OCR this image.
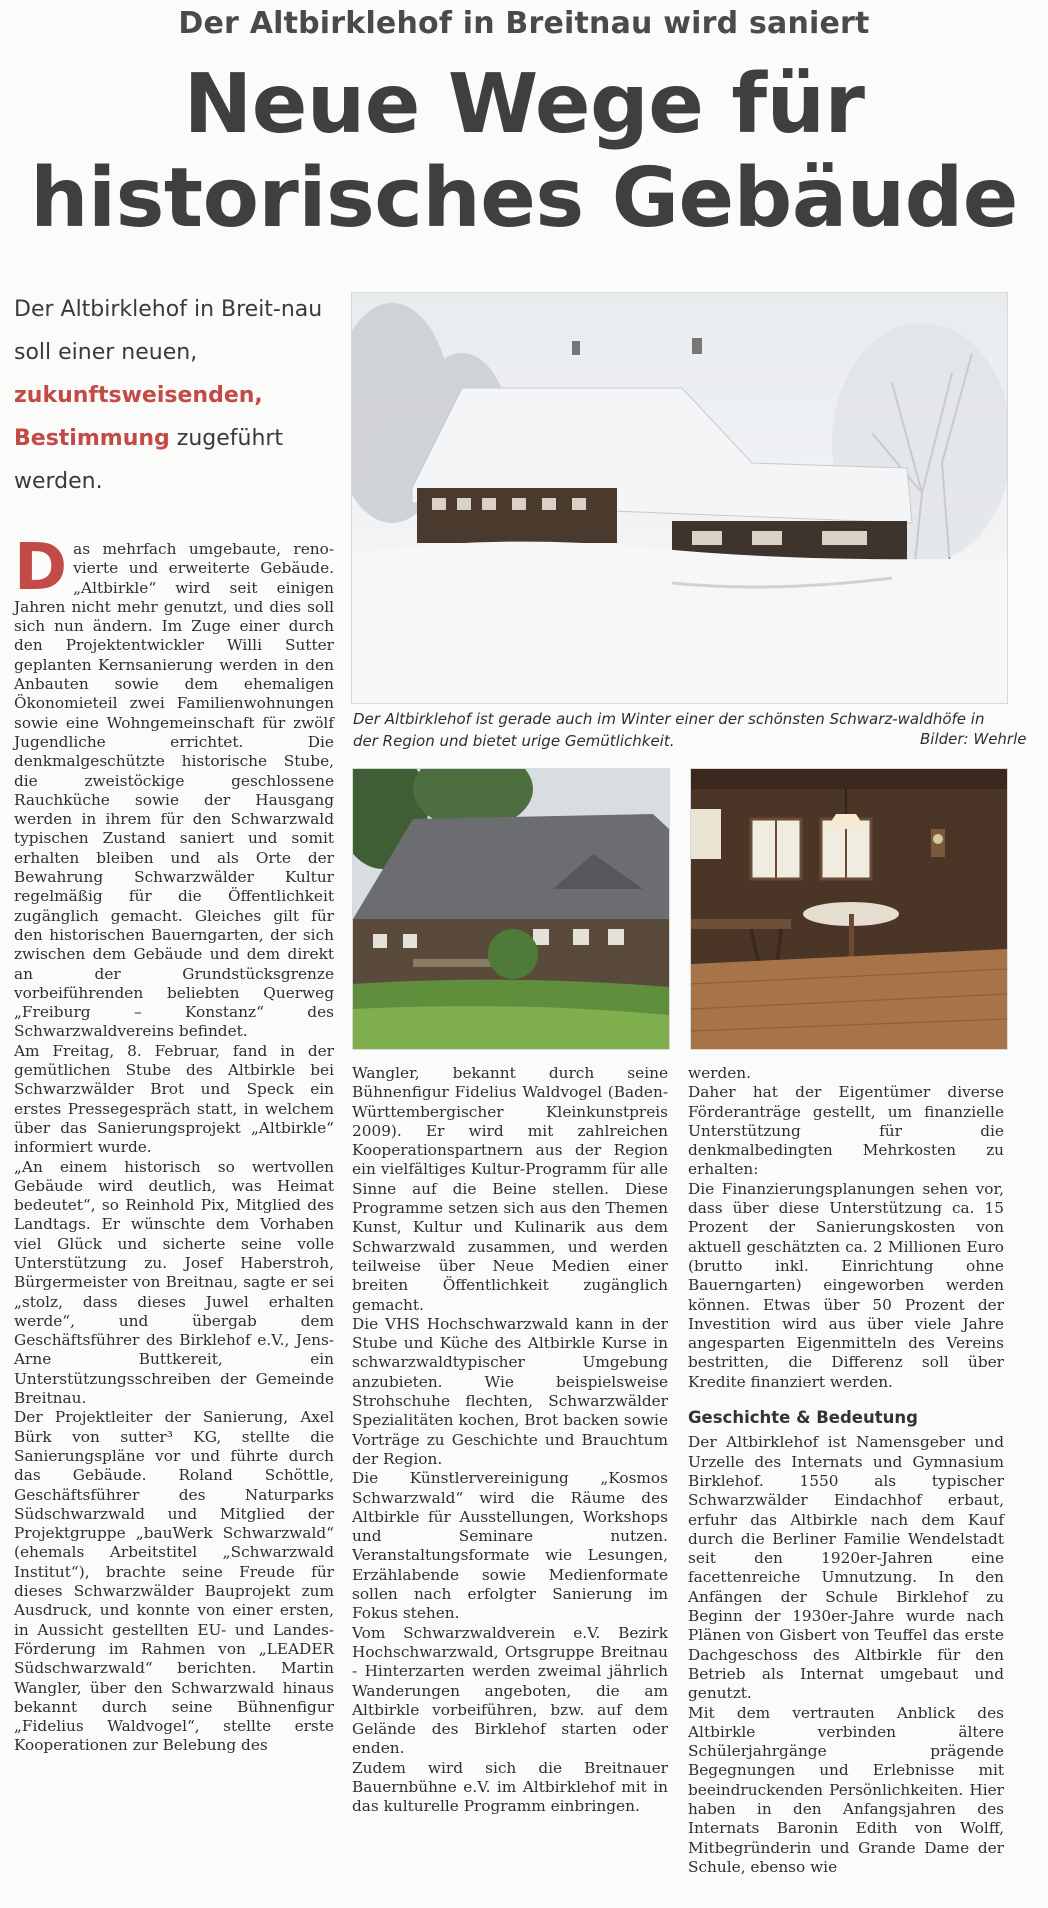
Der Altbirklehof in Breitnau wird saniert
Neue Wege für
historisches Gebäude
Der Altbirklehof in Breit-nau soll einer neuen,
zukunftsweisenden,
Bestimmung zugeführt werden.
Der Altbirklehof ist gerade auch im Winter einer der schönsten Schwarz-waldhöfe in der Region und bietet urige Gemütlichkeit.	Bilder: Wehrle

Das mehrfach umgebaute, reno-vierte und erweiterte Gebäude. „Altbirkle“ wird seit einigen Jahren nicht mehr genutzt, und dies soll sich nun ändern. Im Zuge einer durch den Projektentwickler Willi Sutter geplanten Kernsanierung werden in den Anbauten sowie dem ehemaligen Ökonomieteil zwei Familienwohnungen sowie eine Wohngemeinschaft für zwölf Jugendliche errichtet. Die denkmalgeschützte historische Stube, die zweistöckige geschlossene Rauchküche sowie der Hausgang werden in ihrem für den Schwarzwald typischen Zustand saniert und somit erhalten bleiben und als Orte der Bewahrung Schwarzwälder Kultur regelmäßig für die Öffentlichkeit zugänglich gemacht. Gleiches gilt für den historischen Bauerngarten, der sich zwischen dem Gebäude und dem direkt an der Grundstücksgrenze vorbeiführenden beliebten Querweg „Freiburg – Konstanz“ des Schwarzwaldvereins befindet.

Am Freitag, 8. Februar, fand in der gemütlichen Stube des Altbirkle bei Schwarzwälder Brot und Speck ein erstes Pressegespräch statt, in welchem über das Sanierungsprojekt „Altbirkle“ informiert wurde.

„An einem historisch so wertvollen Gebäude wird deutlich, was Heimat bedeutet“, so Reinhold Pix, Mitglied des Landtags. Er wünschte dem Vorhaben viel Glück und sicherte seine volle Unterstützung zu. Josef Haberstroh, Bürgermeister von Breitnau, sagte er sei „stolz, dass dieses Juwel erhalten werde“, und übergab dem Geschäftsführer des Birklehof e.V., Jens-Arne Buttkereit, ein Unterstützungsschreiben der Gemeinde Breitnau.

Der Projektleiter der Sanierung, Axel Bürk von sutter³ KG, stellte die Sanierungspläne vor und führte durch das Gebäude. Roland Schöttle, Geschäftsführer des Naturparks Südschwarzwald und Mitglied der Projektgruppe „bauWerk Schwarzwald“ (ehemals Arbeitstitel „Schwarzwald Institut“), brachte seine Freude für dieses Schwarzwälder Bauprojekt zum Ausdruck, und konnte von einer ersten, in Aussicht gestellten EU- und Landes-Förderung im Rahmen von „LEADER Südschwarzwald“ berichten. Martin Wangler, über den Schwarzwald hinaus bekannt durch seine Bühnenfigur „Fidelius Waldvogel“, stellte erste Kooperationen zur Belebung des

Wangler, bekannt durch seine Bühnenfigur Fidelius Waldvogel (Baden-Württembergischer Kleinkunstpreis 2009). Er wird mit zahlreichen Kooperationspartnern aus der Region ein vielfältiges Kultur-Programm für alle Sinne auf die Beine stellen. Diese Programme setzen sich aus den Themen Kunst, Kultur und Kulinarik aus dem Schwarzwald zusammen, und werden teilweise über Neue Medien einer breiten Öffentlichkeit zugänglich gemacht.

Die VHS Hochschwarzwald kann in der Stube und Küche des Altbirkle Kurse in schwarzwaldtypischer Umgebung anzubieten. Wie beispielsweise Strohschuhe flechten, Schwarzwälder Spezialitäten kochen, Brot backen sowie Vorträge zu Geschichte und Brauchtum der Region.

Die Künstlervereinigung „Kosmos Schwarzwald“ wird die Räume des Altbirkle für Ausstellungen, Workshops und Seminare nutzen. Veranstaltungsformate wie Lesungen, Erzählabende sowie Medienformate sollen nach erfolgter Sanierung im Fokus stehen.

Vom Schwarzwaldverein e.V. Bezirk Hochschwarzwald, Ortsgruppe Breitnau - Hinterzarten werden zweimal jährlich Wanderungen angeboten, die am Altbirkle vorbeiführen, bzw. auf dem Gelände des Birklehof starten oder enden.

Zudem wird sich die Breitnauer Bauernbühne e.V. im Altbirklehof mit in das kulturelle Programm einbringen.

werden.

Daher hat der Eigentümer diverse Förderanträge gestellt, um finanzielle Unterstützung für die denkmalbedingten Mehrkosten zu erhalten:

Die Finanzierungsplanungen sehen vor, dass über diese Unterstützung ca. 15 Prozent der Sanierungskosten von aktuell geschätzten ca. 2 Millionen Euro (brutto inkl. Einrichtung ohne Bauerngarten) eingeworben werden können. Etwas über 50 Prozent der Investition wird aus über viele Jahre angesparten Eigenmitteln des Vereins bestritten, die Differenz soll über Kredite finanziert werden.

Geschichte & Bedeutung

Der Altbirklehof ist Namensgeber und Urzelle des Internats und Gymnasium Birklehof. 1550 als typischer Schwarzwälder Eindachhof erbaut, erfuhr das Altbirkle nach dem Kauf durch die Berliner Familie Wendelstadt seit den 1920er-Jahren eine facettenreiche Umnutzung. In den Anfängen der Schule Birklehof zu Beginn der 1930er-Jahre wurde nach Plänen von Gisbert von Teuffel das erste Dachgeschoss des Altbirkle für den Betrieb als Internat umgebaut und genutzt.

Mit dem vertrauten Anblick des Altbirkle verbinden ältere Schülerjahrgänge prägende Begegnungen und Erlebnisse mit beeindruckenden Persönlichkeiten. Hier haben in den Anfangsjahren des Internats Baronin Edith von Wolff, Mitbegründerin und Grande Dame der Schule, ebenso wie
